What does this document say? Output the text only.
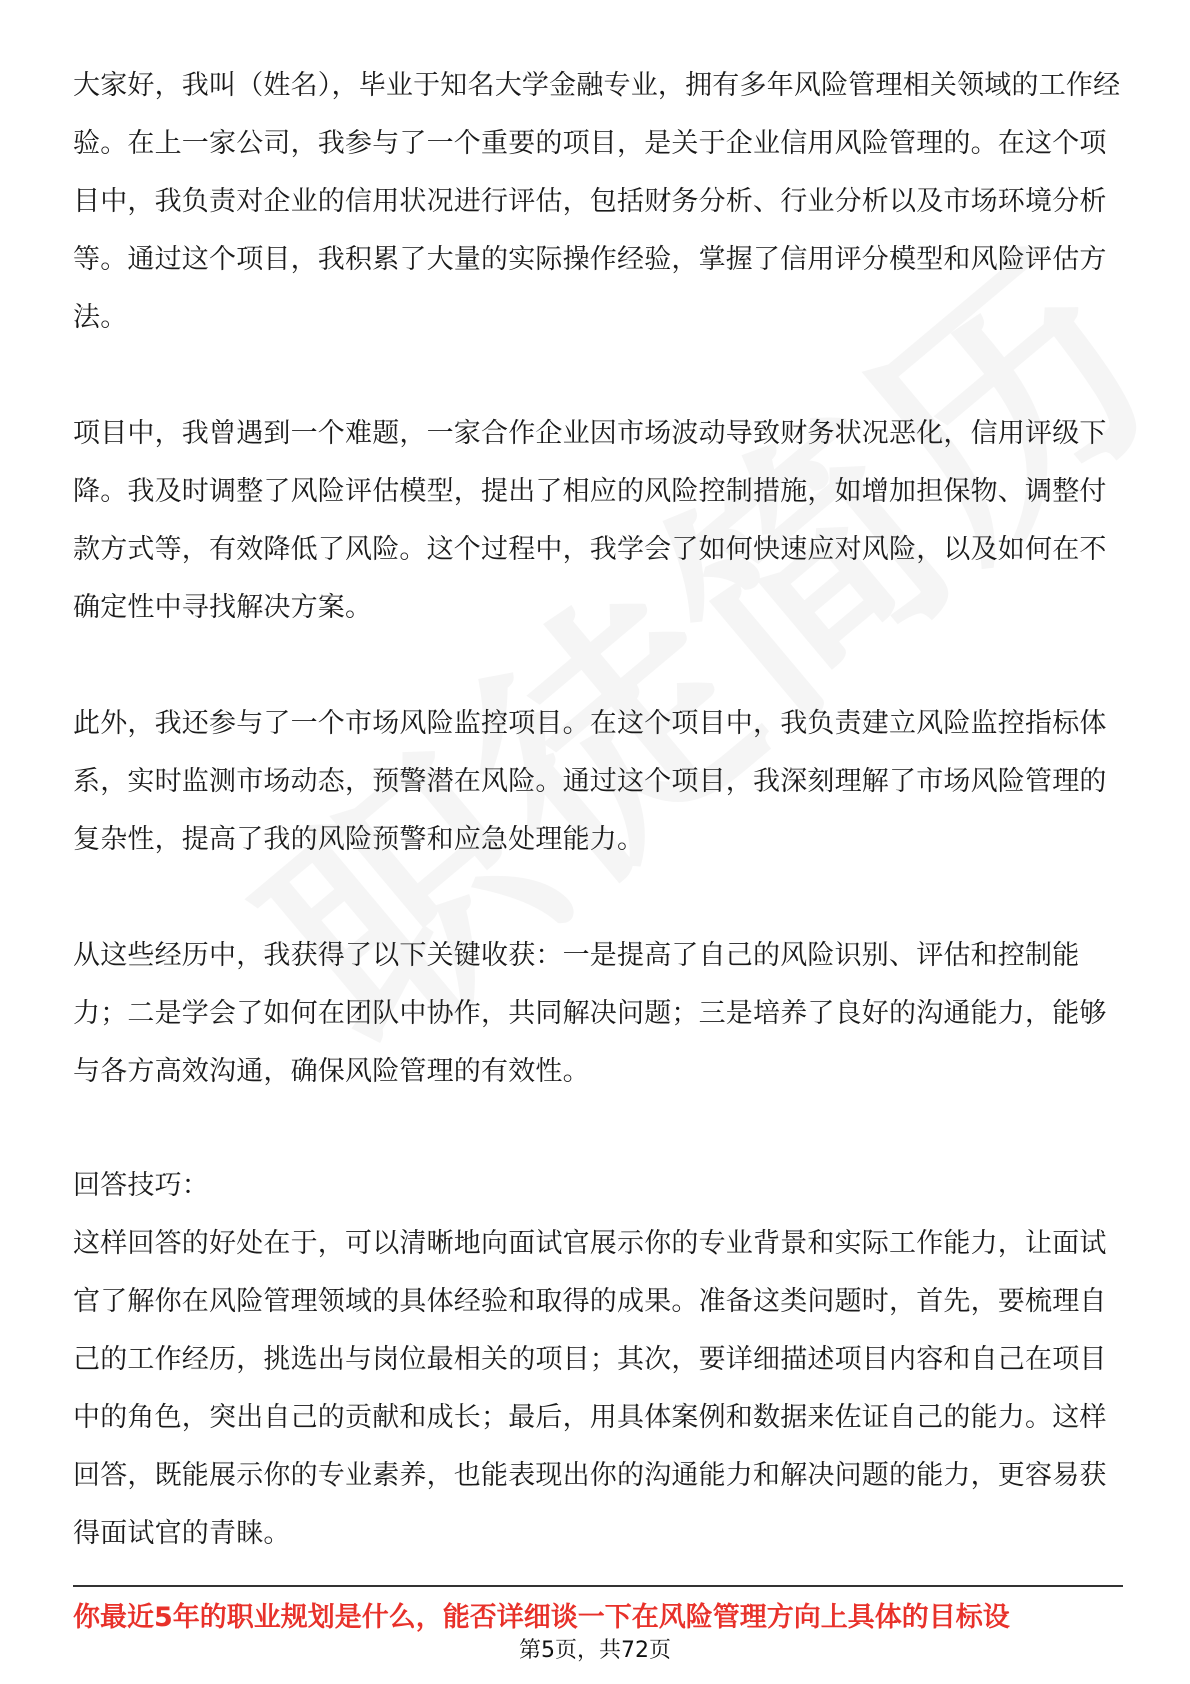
大家好，我叫（姓名），毕业于知名大学金融专业，拥有多年风险管理相关领域的工作经验。在上一家公司，我参与了一个重要的项目，是关于企业信用风险管理的。在这个项目中，我负责对企业的信用状况进行评估，包括财务分析、行业分析以及市场环境分析等。通过这个项目，我积累了大量的实际操作经验，掌握了信用评分模型和风险评估方法。

项目中，我曾遇到一个难题，一家合作企业因市场波动导致财务状况恶化，信用评级下降。我及时调整了风险评估模型，提出了相应的风险控制措施，如增加担保物、调整付款方式等，有效降低了风险。这个过程中，我学会了如何快速应对风险，以及如何在不确定性中寻找解决方案。

此外，我还参与了一个市场风险监控项目。在这个项目中，我负责建立风险监控指标体系，实时监测市场动态，预警潜在风险。通过这个项目，我深刻理解了市场风险管理的复杂性，提高了我的风险预警和应急处理能力。

从这些经历中，我获得了以下关键收获：一是提高了自己的风险识别、评估和控制能力；二是学会了如何在团队中协作，共同解决问题；三是培养了良好的沟通能力，能够与各方高效沟通，确保风险管理的有效性。

回答技巧：

这样回答的好处在于，可以清晰地向面试官展示你的专业背景和实际工作能力，让面试官了解你在风险管理领域的具体经验和取得的成果。准备这类问题时，首先，要梳理自己的工作经历，挑选出与岗位最相关的项目；其次，要详细描述项目内容和自己在项目中的角色，突出自己的贡献和成长；最后，用具体案例和数据来佐证自己的能力。这样回答，既能展示你的专业素养，也能表现出你的沟通能力和解决问题的能力，更容易获得面试官的青睐。

你最近5年的职业规划是什么，能否详细谈一下在风险管理方向上具体的目标设
第5页，共72页
